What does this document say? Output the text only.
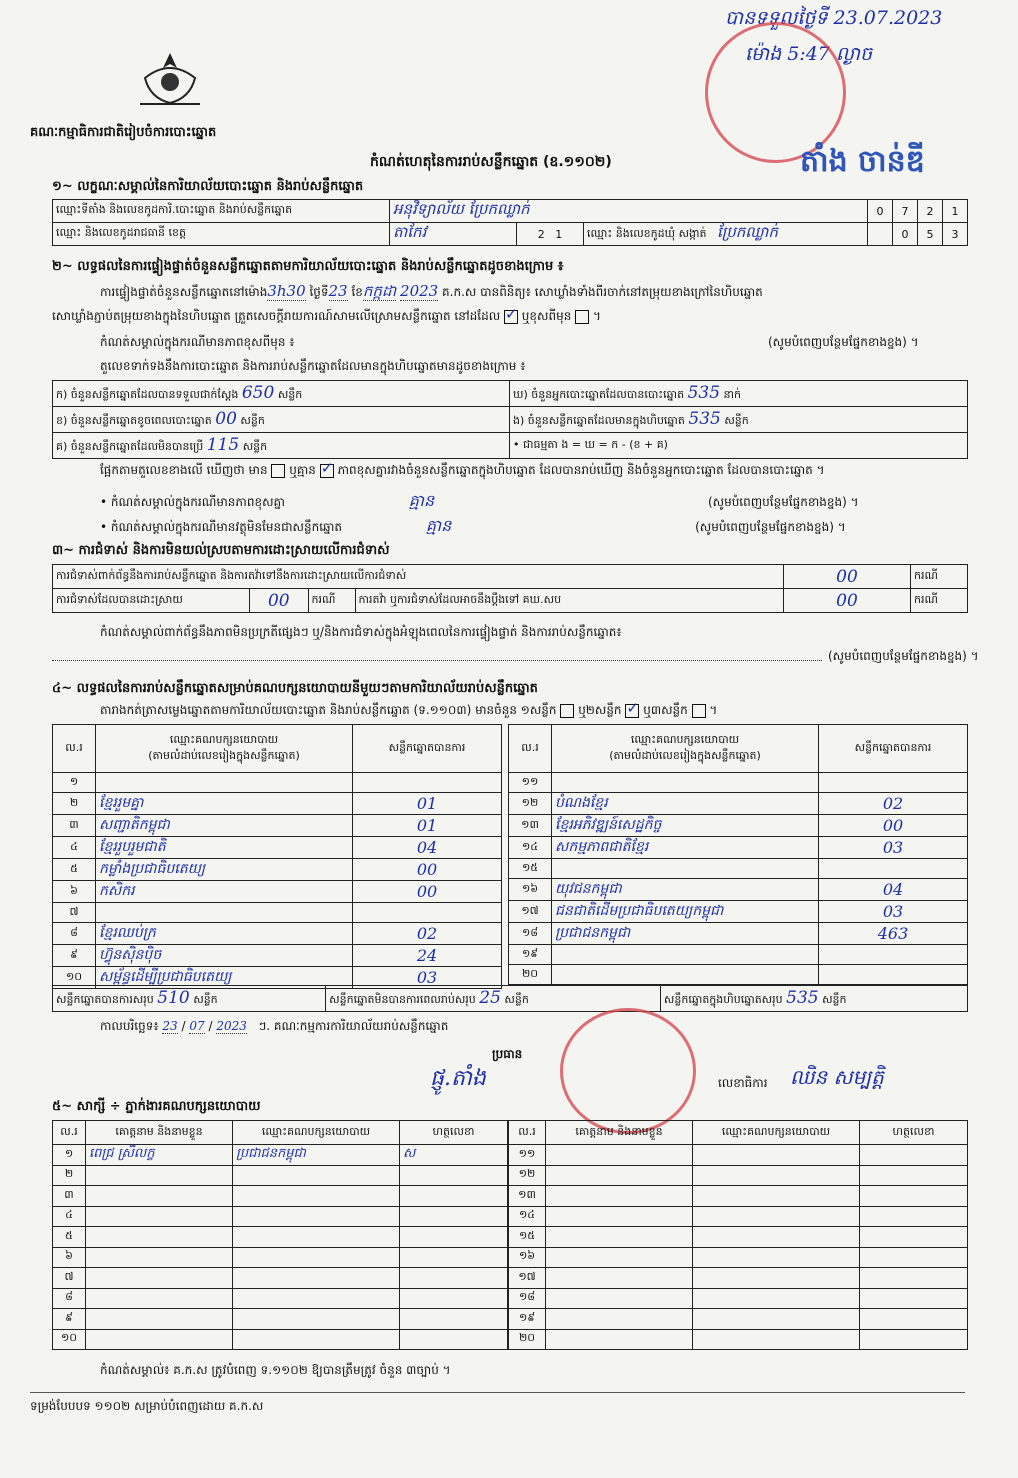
គណៈកម្មាធិការជាតិរៀបចំការបោះឆ្នោត
កំណត់ហេតុនៃការរាប់សន្លឹកឆ្នោត (ឧ.១១០២)
បានទទួលថ្ងៃទី 23.07.2023
ម៉ោង 5:47 ល្ងាច
តាំង ចាន់ឌី
១~ លក្ខណៈសម្គាល់នៃការិយាល័យបោះឆ្នោត និងរាប់សន្លឹកឆ្នោត
ឈ្មោះទីតាំង និងលេខកូដការិ.បោះឆ្នោត និងរាប់សន្លឹកឆ្នោត	អនុវិទ្យាល័យ ប្រែកឈ្លាក់			0	7	2	1
ឈ្មោះ និងលេខកូដរាជធានី ខេត្ត	តាកែវ	2 1	ឈ្មោះ និងលេខកូដឃុំ សង្កាត់ ប្រែកឈ្លាក់		0	5	3
២~ លទ្ធផលនៃការផ្ទៀងផ្ទាត់ចំនួនសន្លឹកឆ្នោតតាមការិយាល័យបោះឆ្នោត និងរាប់សន្លឹកឆ្នោតដូចខាងក្រោម ៖
ការផ្ទៀងផ្ទាត់ចំនួនសន្លឹកឆ្នោតនៅម៉ោង3h30 ថ្ងៃទី23 ខែកក្កដា 2023 គ.ក.ស បានពិនិត្យ៖ សោឃ្លាំងទាំងពីរចាក់នៅតម្រុយខាងក្រៅនៃហិបឆ្នោត
សោឃ្លាំងភ្ជាប់តម្រុយខាងក្នុងនៃហិបឆ្នោត ត្រួតសេចក្តីរាយការណ៍សាមលើស្រោមសន្លឹកឆ្នោត នៅដដែល ✓ ឬខុសពីមុន  ។
កំណត់សម្គាល់ក្នុងករណីមានភាពខុសពីមុន ៖	(សូមបំពេញបន្ថែមផ្នែកខាងខ្នង) ។
តួលេខទាក់ទងនឹងការបោះឆ្នោត និងការរាប់សន្លឹកឆ្នោតដែលមានក្នុងហិបឆ្នោតមានដូចខាងក្រោម ៖
ក) ចំនួនសន្លឹកឆ្នោតដែលបានទទួលជាក់ស្តែង 650 សន្លឹក	ឃ) ចំនួនអ្នកបោះឆ្នោតដែលបានបោះឆ្នោត 535 នាក់
ខ) ចំនួនសន្លឹកឆ្នោតខូចពេលបោះឆ្នោត 00 សន្លឹក	ង) ចំនួនសន្លឹកឆ្នោតដែលមានក្នុងហិបឆ្នោត 535 សន្លឹក
គ) ចំនួនសន្លឹកឆ្នោតដែលមិនបានប្រើ 115 សន្លឹក	• ជាធម្មតា ង = ឃ = ក - (ខ + គ)
ផ្អែកតាមតួលេខខាងលើ ឃើញថា មាន ឬគ្មាន ✓ ភាពខុសគ្នារវាងចំនួនសន្លឹកឆ្នោតក្នុងហិបឆ្នោត ដែលបានរាប់ឃើញ និងចំនួនអ្នកបោះឆ្នោត ដែលបានបោះឆ្នោត ។
• កំណត់សម្គាល់ក្នុងករណីមានភាពខុសគ្នា	គ្មាន	(សូមបំពេញបន្ថែមផ្នែកខាងខ្នង) ។
• កំណត់សម្គាល់ក្នុងករណីមានវត្ថុមិនមែនជាសន្លឹកឆ្នោត	គ្មាន	(សូមបំពេញបន្ថែមផ្នែកខាងខ្នង) ។
៣~ ការជំទាស់ និងការមិនយល់ស្របតាមការដោះស្រាយលើការជំទាស់
ការជំទាស់ពាក់ព័ន្ធនឹងការរាប់សន្លឹកឆ្នោត និងការតវ៉ាទៅនឹងការដោះស្រាយលើការជំទាស់				00	ករណី
ការជំទាស់ដែលបានដោះស្រាយ	00	ករណី	ការតវ៉ា ឬការជំទាស់ដែលអាចនឹងប្តឹងទៅ គឃ.សប	00	ករណី
កំណត់សម្គាល់ពាក់ព័ន្ធនឹងភាពមិនប្រក្រតីផ្សេងៗ ឬ/និងការជំទាស់ក្នុងអំឡុងពេលនៃការផ្ទៀងផ្ទាត់ និងការរាប់សន្លឹកឆ្នោត៖
(សូមបំពេញបន្ថែមផ្នែកខាងខ្នង) ។
៤~ លទ្ធផលនៃការរាប់សន្លឹកឆ្នោតសម្រាប់គណបក្សនយោបាយនីមួយៗតាមការិយាល័យរាប់សន្លឹកឆ្នោត
តារាងកត់ត្រាសម្លេងឆ្នោតតាមការិយាល័យបោះឆ្នោត និងរាប់សន្លឹកឆ្នោត (ទ.១១០៣) មានចំនួន ១សន្លឹក ឬ២សន្លឹក ✓ ឬ៣សន្លឹក  ។
ល.រ	ឈ្មោះគណបក្សនយោបាយ
(តាមលំដាប់លេខរៀងក្នុងសន្លឹកឆ្នោត)	សន្លឹកឆ្នោតបានការ
១		
២	ខ្មែររួមគ្នា	01
៣	សញ្ជាតិកម្ពុជា	01
៤	ខ្មែររួបរួមជាតិ	04
៥	កម្លាំងប្រជាធិបតេយ្យ	00
៦	កសិករ	00
៧		
៨	ខ្មែរឈប់ក្រ	02
៩	ហ៊្វុនស៊ិនប៉ិច	24
១០	សម្ព័ន្ធដើម្បីប្រជាធិបតេយ្យ	03
ល.រ	ឈ្មោះគណបក្សនយោបាយ
(តាមលំដាប់លេខរៀងក្នុងសន្លឹកឆ្នោត)	សន្លឹកឆ្នោតបានការ
១១		
១២	បំណងខ្មែរ	02
១៣	ខ្មែរអភិវឌ្ឍន៍សេដ្ឋកិច្ច	00
១៤	សកម្មភាពជាតិខ្មែរ	03
១៥		
១៦	យុវជនកម្ពុជា	04
១៧	ជនជាតិដើមប្រជាធិបតេយ្យកម្ពុជា	03
១៨	ប្រជាជនកម្ពុជា	463
១៩		
២០		
សន្លឹកឆ្នោតបានការសរុប 510 សន្លឹក	សន្លឹកឆ្នោតមិនបានការពេលរាប់សរុប 25 សន្លឹក	សន្លឹកឆ្នោតក្នុងហិបឆ្នោតសរុប 535 សន្លឹក
កាលបរិច្ឆេទ៖ 23 / 07 / 2023 ៗ. គណៈកម្មការការិយាល័យរាប់សន្លឹកឆ្នោត
ប្រធាន
ផ្ញូ.តាំង	លេខាធិការ ឈិន សម្បត្តិ
៥~ សាក្សី ÷ ភ្នាក់ងារគណបក្សនយោបាយ
ល.រ	គោត្តនាម និងនាមខ្លួន	ឈ្មោះគណបក្សនយោបាយ	ហត្ថលេខា
១	ពេជ្រ ស្រីលក្ខ	ប្រជាជនកម្ពុជា	ស
២			
៣			
៤			
៥			
៦			
៧			
៨			
៩			
១០			
ល.រ	គោត្តនាម និងនាមខ្លួន	ឈ្មោះគណបក្សនយោបាយ	ហត្ថលេខា
១១			
១២			
១៣			
១៤			
១៥			
១៦			
១៧			
១៨			
១៩			
២០			
កំណត់សម្គាល់៖ គ.ក.ស ត្រូវបំពេញ ទ.១១០២ ឱ្យបានត្រឹមត្រូវ ចំនួន ៣ច្បាប់ ។
ទម្រង់បែបបទ ១១០២ សម្រាប់បំពេញដោយ គ.ក.ស
